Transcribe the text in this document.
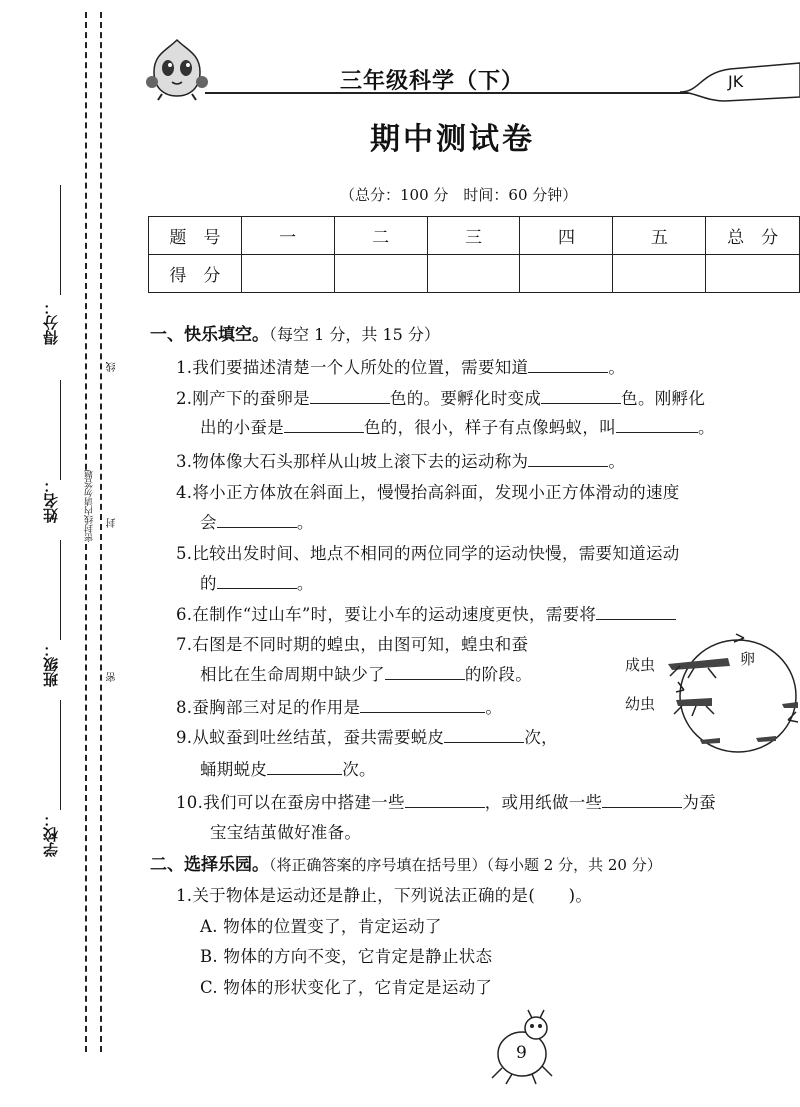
得分：
姓名：
班级：
学校：
密封线内请勿答题
线
封
密
三年级科学（下）	JK
期中测试卷
（总分：100 分　时间：60 分钟）
题　号	一	二	三	四	五	总　分
得　分						
一、快乐填空。（每空 1 分，共 15 分）
1.我们要描述清楚一个人所处的位置，需要知道	。
2.刚产下的蚕卵是	色的。要孵化时变成	色。刚孵化
出的小蚕是	色的，很小，样子有点像蚂蚁，叫	。
3.物体像大石头那样从山坡上滚下去的运动称为	。
4.将小正方体放在斜面上，慢慢抬高斜面，发现小正方体滑动的速度
会	。
5.比较出发时间、地点不相同的两位同学的运动快慢，需要知道运动
的	。
6.在制作“过山车”时，要让小车的运动速度更快，需要将
7.右图是不同时期的蝗虫，由图可知，蝗虫和蚕
相比在生命周期中缺少了	的阶段。
8.蚕胸部三对足的作用是	。
9.从蚁蚕到吐丝结茧，蚕共需要蜕皮	次，
蛹期蜕皮	次。
10.我们可以在蚕房中搭建一些	，或用纸做一些	为蚕
宝宝结茧做好准备。
成虫	卵
幼虫
二、选择乐园。（将正确答案的序号填在括号里）（每小题 2 分，共 20 分）
1.关于物体是运动还是静止，下列说法正确的是(　　)。
A. 物体的位置变了，肯定运动了
B. 物体的方向不变，它肯定是静止状态
C. 物体的形状变化了，它肯定是运动了
9
